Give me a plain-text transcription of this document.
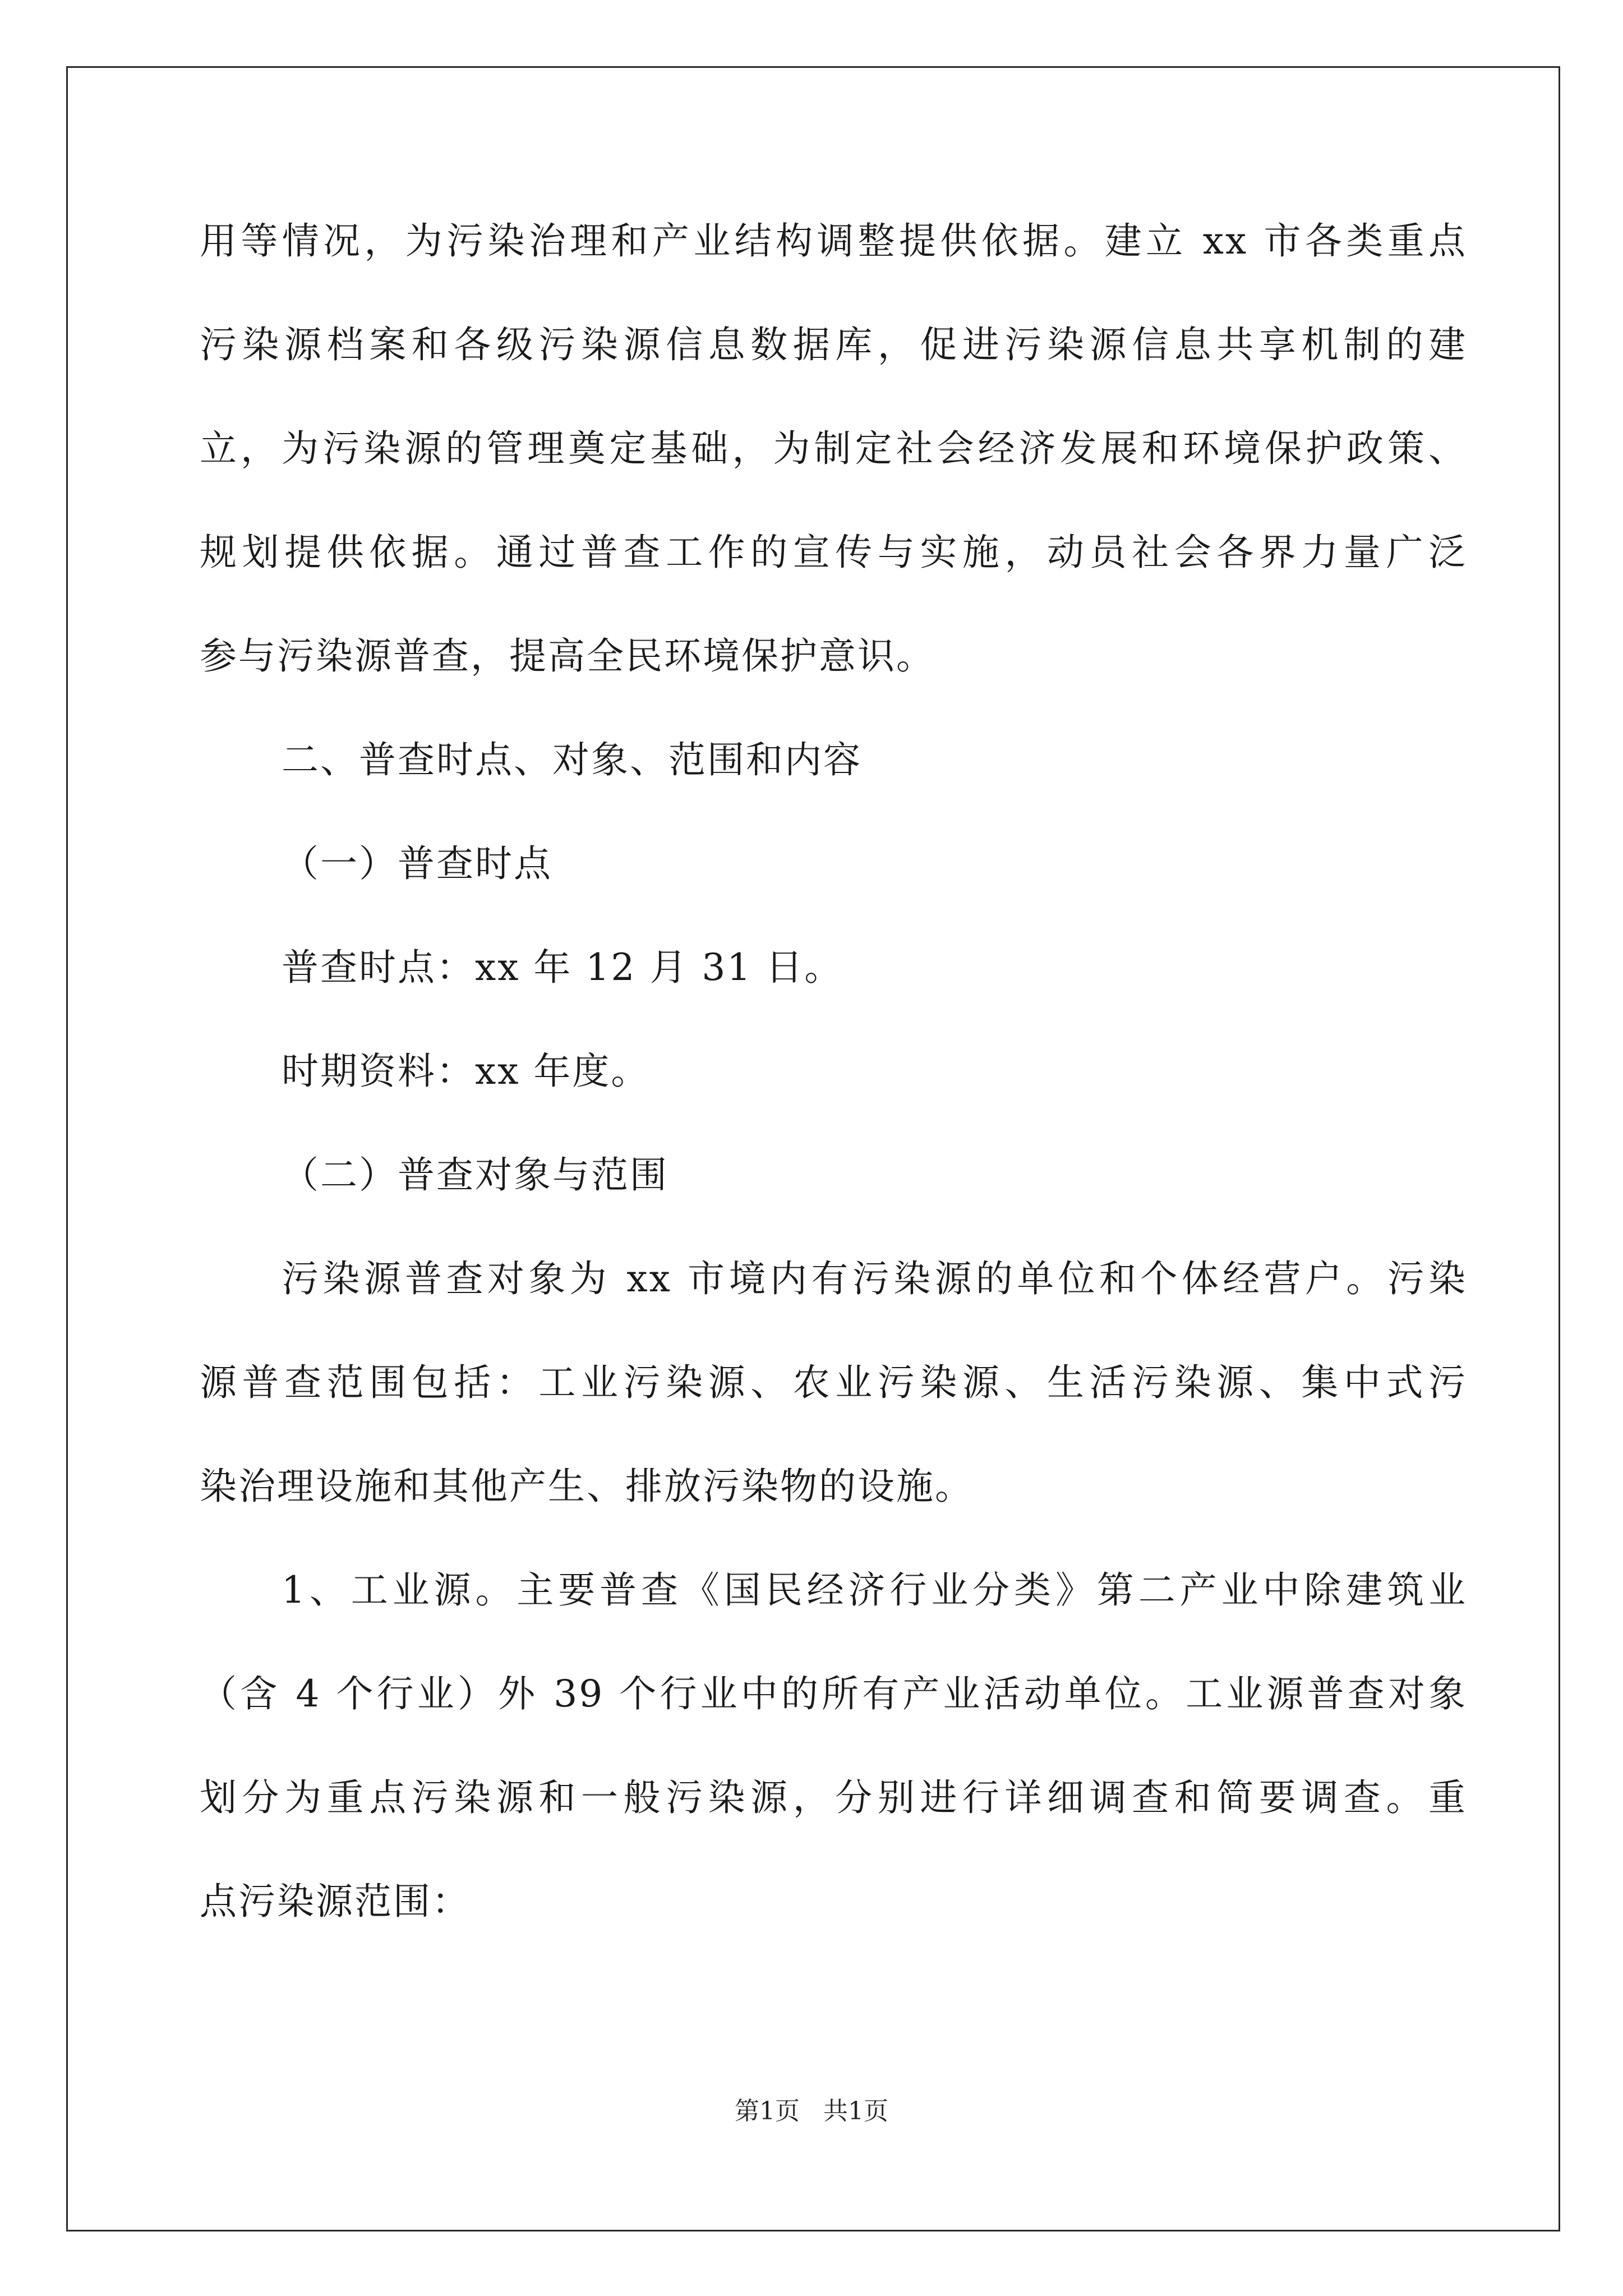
用等情况，为污染治理和产业结构调整提供依据。建立 xx 市各类重点
污染源档案和各级污染源信息数据库，促进污染源信息共享机制的建
立，为污染源的管理奠定基础，为制定社会经济发展和环境保护政策、
规划提供依据。通过普查工作的宣传与实施，动员社会各界力量广泛
参与污染源普查，提高全民环境保护意识。
二、普查时点、对象、范围和内容
（一）普查时点
普查时点：xx 年 12 月 31 日。
时期资料：xx 年度。
（二）普查对象与范围
污染源普查对象为 xx 市境内有污染源的单位和个体经营户。污染
源普查范围包括：工业污染源、农业污染源、生活污染源、集中式污
染治理设施和其他产生、排放污染物的设施。
1、工业源。主要普查《国民经济行业分类》第二产业中除建筑业
（含 4 个行业）外 39 个行业中的所有产业活动单位。工业源普查对象
划分为重点污染源和一般污染源，分别进行详细调查和简要调查。重
点污染源范围：
第1页   共1页
